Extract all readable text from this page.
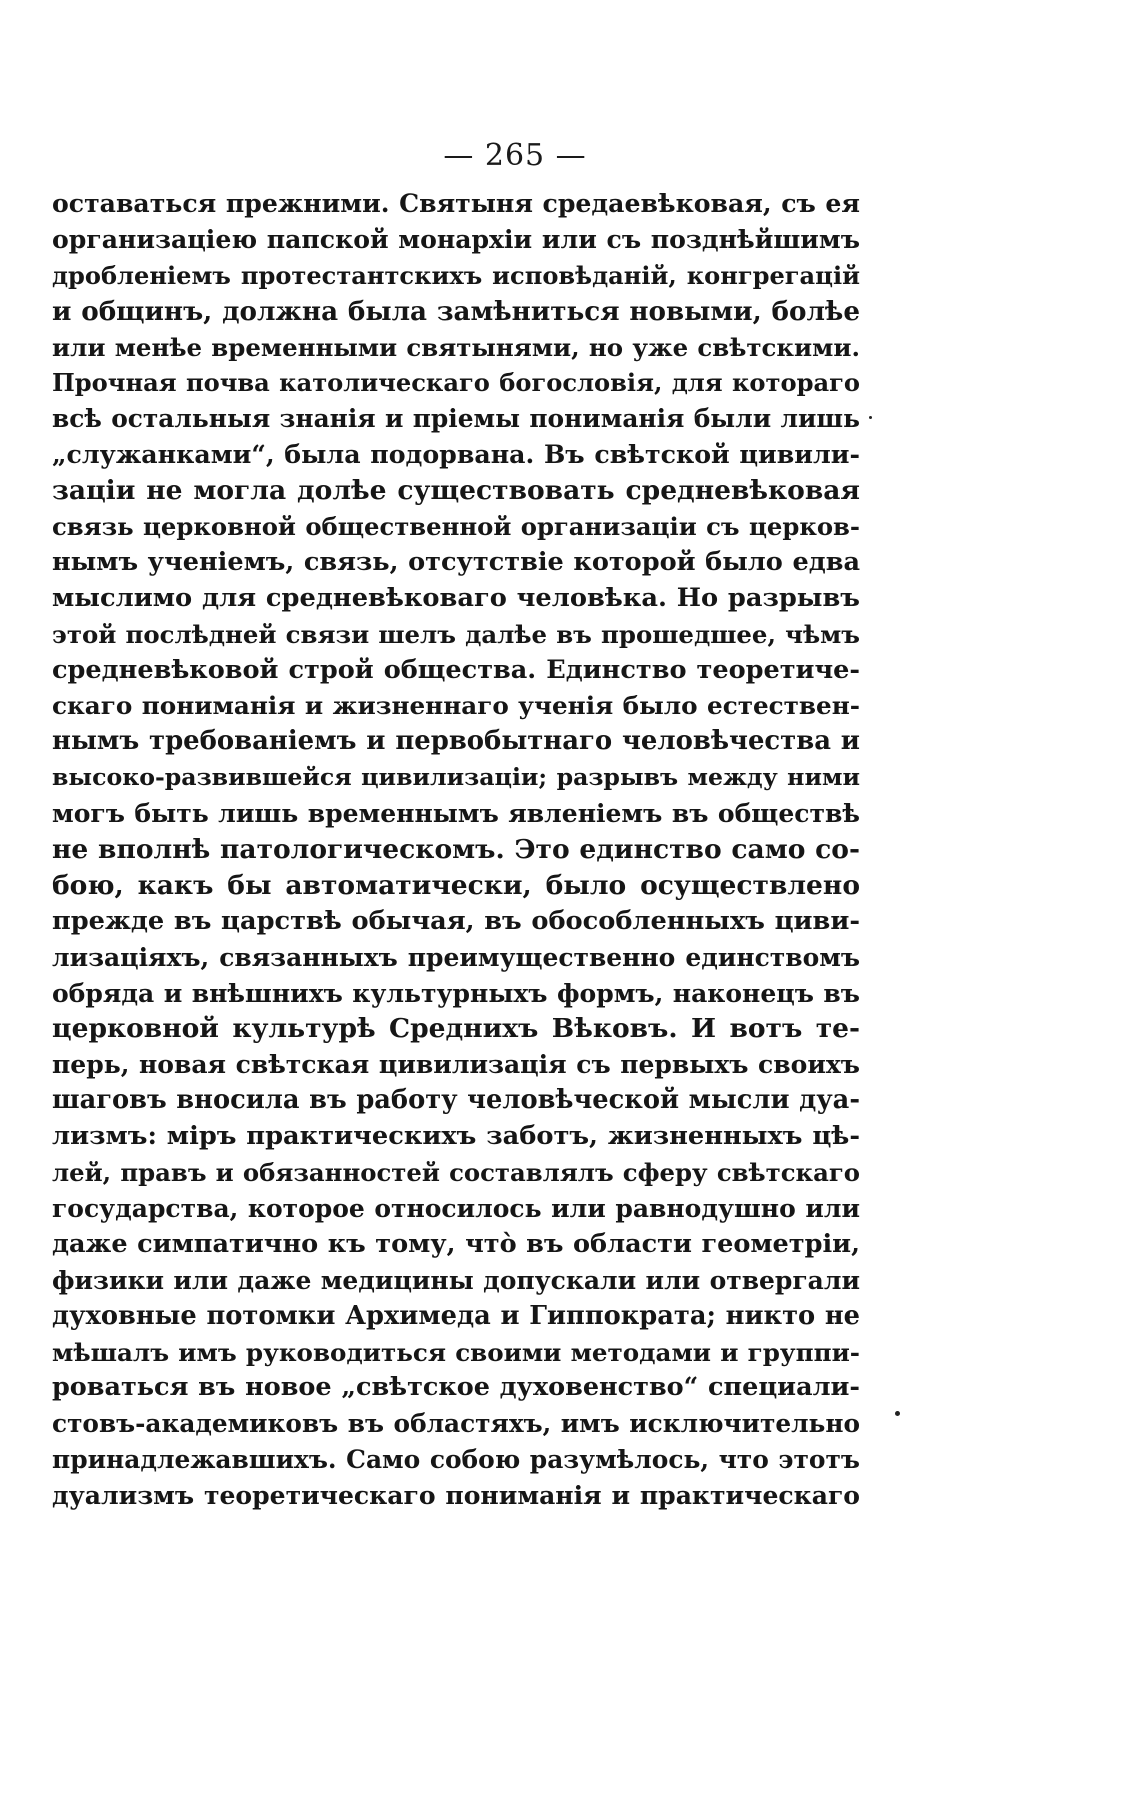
— 265 —
оставаться прежними. Святыня средаевѣковая, съ ея
организацiею папской монархiи или съ позднѣйшимъ
дробленiемъ протестантскихъ исповѣданiй, конгрегацiй
и общинъ, должна была замѣниться новыми, болѣе
или менѣе временными святынями, но уже свѣтскими.
Прочная почва католическаго богословiя, для котораго
всѣ остальныя знанiя и прiемы пониманiя были лишь
„служанками“, была подорвана. Въ свѣтской цивили-
зацiи не могла долѣе существовать средневѣковая
связь церковной общественной организацiи съ церков-
нымъ ученiемъ, связь, отсутствiе которой было едва
мыслимо для средневѣковаго человѣка. Но разрывъ
этой послѣдней связи шелъ далѣе въ прошедшее, чѣмъ
средневѣковой строй общества. Единство теоретиче-
скаго пониманiя и жизненнаго ученiя было естествен-
нымъ требованiемъ и первобытнаго человѣчества и
высоко-развившейся цивилизацiи; разрывъ между ними
могъ быть лишь временнымъ явленiемъ въ обществѣ
не вполнѣ патологическомъ. Это единство само со-
бою, какъ бы автоматически, было осуществлено
прежде въ царствѣ обычая, въ обособленныхъ циви-
лизацiяхъ, связанныхъ преимущественно единствомъ
обряда и внѣшнихъ культурныхъ формъ, наконецъ въ
церковной культурѣ Среднихъ Вѣковъ. И вотъ те-
перь, новая свѣтская цивилизацiя съ первыхъ своихъ
шаговъ вносила въ работу человѣческой мысли дуа-
лизмъ: мiръ практическихъ заботъ, жизненныхъ цѣ-
лей, правъ и обязанностей составлялъ сферу свѣтскаго
государства, которое относилось или равнодушно или
даже симпатично къ тому, что̀ въ области геометрiи,
физики или даже медицины допускали или отвергали
духовные потомки Архимеда и Гиппократа; никто не
мѣшалъ имъ руководиться своими методами и группи-
роваться въ новое „свѣтское духовенство“ специали-
стовъ-академиковъ въ областяхъ, имъ исключительно
принадлежавшихъ. Само собою разумѣлось, что этотъ
дуализмъ теоретическаго пониманiя и практическаго
